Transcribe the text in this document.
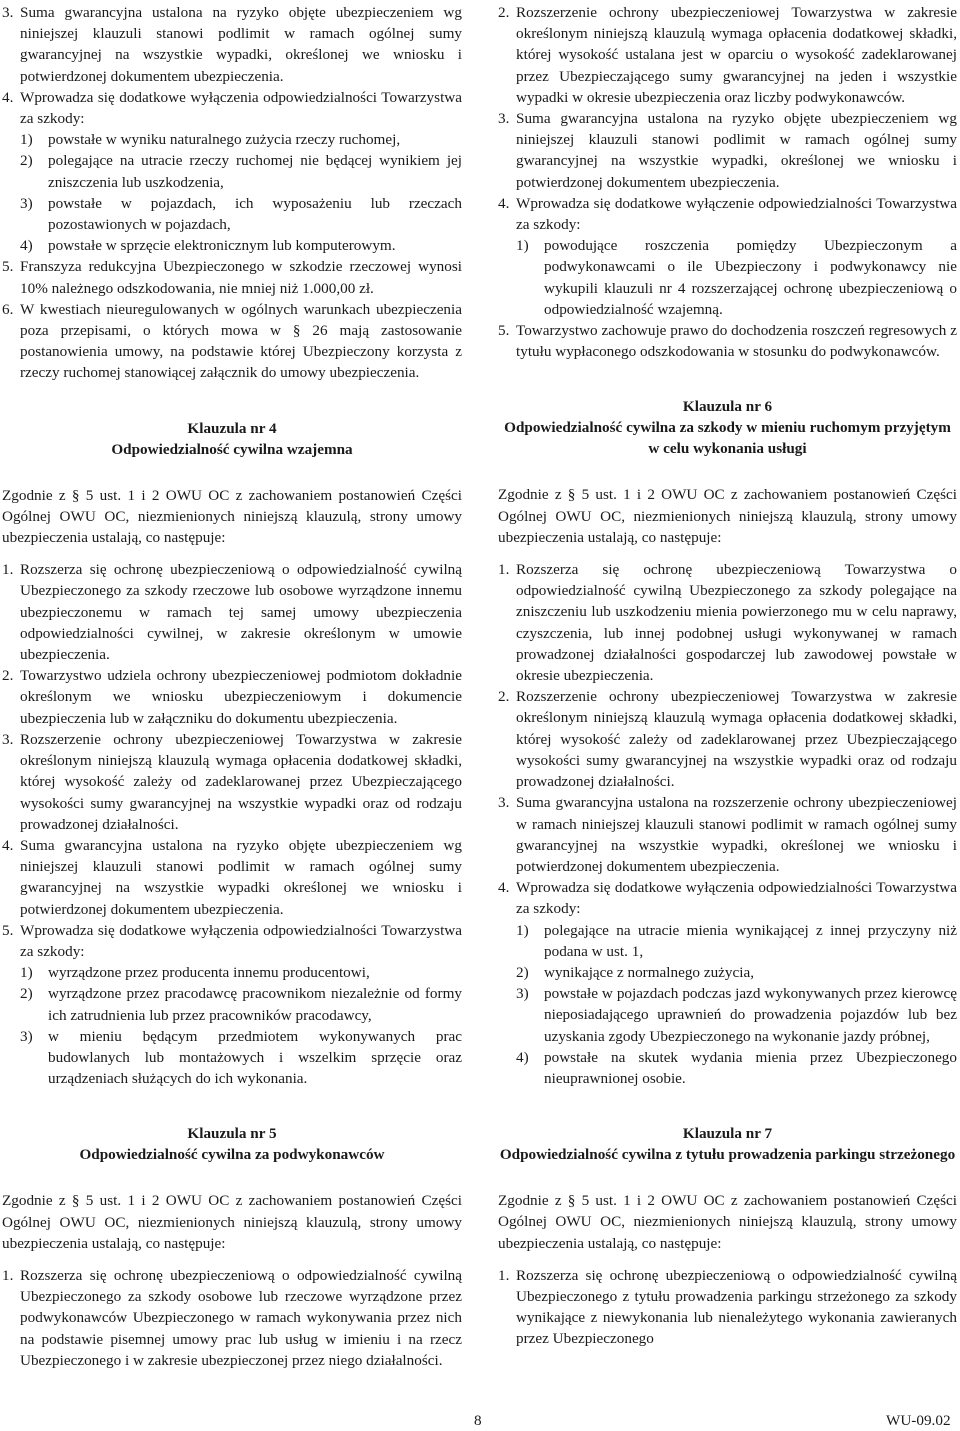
3. Suma gwarancyjna ustalona na ryzyko objęte ubezpieczeniem wg niniejszej klauzuli stanowi podlimit w ramach ogólnej sumy gwarancyjnej na wszystkie wypadki, określonej we wniosku i potwierdzonej dokumentem ubezpieczenia.
4. Wprowadza się dodatkowe wyłączenia odpowiedzialności Towarzystwa za szkody:
1) powstałe w wyniku naturalnego zużycia rzeczy ruchomej,
2) polegające na utracie rzeczy ruchomej nie będącej wynikiem jej zniszczenia lub uszkodzenia,
3) powstałe w pojazdach, ich wyposażeniu lub rzeczach pozostawionych w pojazdach,
4) powstałe w sprzęcie elektronicznym lub komputerowym.
5. Franszyza redukcyjna Ubezpieczonego w szkodzie rzeczowej wynosi 10% należnego odszkodowania, nie mniej niż 1.000,00 zł.
6. W kwestiach nieuregulowanych w ogólnych warunkach ubezpieczenia poza przepisami, o których mowa w § 26 mają zastosowanie postanowienia umowy, na podstawie której Ubezpieczony korzysta z rzeczy ruchomej stanowiącej załącznik do umowy ubezpieczenia.
Klauzula nr 4
Odpowiedzialność cywilna wzajemna
Zgodnie z § 5 ust. 1 i 2 OWU OC z zachowaniem postanowień Części Ogólnej OWU OC, niezmienionych niniejszą klauzulą, strony umowy ubezpieczenia ustalają, co następuje:
1. Rozszerza się ochronę ubezpieczeniową o odpowiedzialność cywilną Ubezpieczonego za szkody rzeczowe lub osobowe wyrządzone innemu ubezpieczonemu w ramach tej samej umowy ubezpieczenia odpowiedzialności cywilnej, w zakresie określonym w umowie ubezpieczenia.
2. Towarzystwo udziela ochrony ubezpieczeniowej podmiotom dokładnie określonym we wniosku ubezpieczeniowym i dokumencie ubezpieczenia lub w załączniku do dokumentu ubezpieczenia.
3. Rozszerzenie ochrony ubezpieczeniowej Towarzystwa w zakresie określonym niniejszą klauzulą wymaga opłacenia dodatkowej składki, której wysokość zależy od zadeklarowanej przez Ubezpieczającego wysokości sumy gwarancyjnej na wszystkie wypadki oraz od rodzaju prowadzonej działalności.
4. Suma gwarancyjna ustalona na ryzyko objęte ubezpieczeniem wg niniejszej klauzuli stanowi podlimit w ramach ogólnej sumy gwarancyjnej na wszystkie wypadki określonej we wniosku i potwierdzonej dokumentem ubezpieczenia.
5. Wprowadza się dodatkowe wyłączenia odpowiedzialności Towarzystwa za szkody:
1) wyrządzone przez producenta innemu producentowi,
2) wyrządzone przez pracodawcę pracownikom niezależnie od formy ich zatrudnienia lub przez pracowników pracodawcy,
3) w mieniu będącym przedmiotem wykonywanych prac budowlanych lub montażowych i wszelkim sprzęcie oraz urządzeniach służących do ich wykonania.
Klauzula nr 5
Odpowiedzialność cywilna za podwykonawców
Zgodnie z § 5 ust. 1 i 2 OWU OC z zachowaniem postanowień Części Ogólnej OWU OC, niezmienionych niniejszą klauzulą, strony umowy ubezpieczenia ustalają, co następuje:
1. Rozszerza się ochronę ubezpieczeniową o odpowiedzialność cywilną Ubezpieczonego za szkody osobowe lub rzeczowe wyrządzone przez podwykonawców Ubezpieczonego w ramach wykonywania przez nich na podstawie pisemnej umowy prac lub usług w imieniu i na rzecz Ubezpieczonego i w zakresie ubezpieczonej przez niego działalności.
2. Rozszerzenie ochrony ubezpieczeniowej Towarzystwa w zakresie określonym niniejszą klauzulą wymaga opłacenia dodatkowej składki, której wysokość ustalana jest w oparciu o wysokość zadeklarowanej przez Ubezpieczającego sumy gwarancyjnej na jeden i wszystkie wypadki w okresie ubezpieczenia oraz liczby podwykonawców.
3. Suma gwarancyjna ustalona na ryzyko objęte ubezpieczeniem wg niniejszej klauzuli stanowi podlimit w ramach ogólnej sumy gwarancyjnej na wszystkie wypadki, określonej we wniosku i potwierdzonej dokumentem ubezpieczenia.
4. Wprowadza się dodatkowe wyłączenie odpowiedzialności Towarzystwa za szkody:
1) powodujące roszczenia pomiędzy Ubezpieczonym a podwykonawcami o ile Ubezpieczony i podwykonawcy nie wykupili klauzuli nr 4 rozszerzającej ochronę ubezpieczeniową o odpowiedzialność wzajemną.
5. Towarzystwo zachowuje prawo do dochodzenia roszczeń regresowych z tytułu wypłaconego odszkodowania w stosunku do podwykonawców.
Klauzula nr 6
Odpowiedzialność cywilna za szkody w mieniu ruchomym przyjętym w celu wykonania usługi
Zgodnie z § 5 ust. 1 i 2 OWU OC z zachowaniem postanowień Części Ogólnej OWU OC, niezmienionych niniejszą klauzulą, strony umowy ubezpieczenia ustalają, co następuje:
1. Rozszerza się ochronę ubezpieczeniową Towarzystwa o odpowiedzialność cywilną Ubezpieczonego za szkody polegające na zniszczeniu lub uszkodzeniu mienia powierzonego mu w celu naprawy, czyszczenia, lub innej podobnej usługi wykonywanej w ramach prowadzonej działalności gospodarczej lub zawodowej powstałe w okresie ubezpieczenia.
2. Rozszerzenie ochrony ubezpieczeniowej Towarzystwa w zakresie określonym niniejszą klauzulą wymaga opłacenia dodatkowej składki, której wysokość zależy od zadeklarowanej przez Ubezpieczającego wysokości sumy gwarancyjnej na wszystkie wypadki oraz od rodzaju prowadzonej działalności.
3. Suma gwarancyjna ustalona na rozszerzenie ochrony ubezpieczeniowej w ramach niniejszej klauzuli stanowi podlimit w ramach ogólnej sumy gwarancyjnej na wszystkie wypadki, określonej we wniosku i potwierdzonej dokumentem ubezpieczenia.
4. Wprowadza się dodatkowe wyłączenia odpowiedzialności Towarzystwa za szkody:
1) polegające na utracie mienia wynikającej z innej przyczyny niż podana w ust. 1,
2) wynikające z normalnego zużycia,
3) powstałe w pojazdach podczas jazd wykonywanych przez kierowcę nieposiadającego uprawnień do prowadzenia pojazdów lub bez uzyskania zgody Ubezpieczonego na wykonanie jazdy próbnej,
4) powstałe na skutek wydania mienia przez Ubezpieczonego nieuprawnionej osobie.
Klauzula nr 7
Odpowiedzialność cywilna z tytułu prowadzenia parkingu strzeżonego
Zgodnie z § 5 ust. 1 i 2 OWU OC z zachowaniem postanowień Części Ogólnej OWU OC, niezmienionych niniejszą klauzulą, strony umowy ubezpieczenia ustalają, co następuje:
1. Rozszerza się ochronę ubezpieczeniową o odpowiedzialność cywilną Ubezpieczonego z tytułu prowadzenia parkingu strzeżonego za szkody wynikające z niewykonania lub nienależytego wykonania zawieranych przez Ubezpieczonego
8	WU-09.02
